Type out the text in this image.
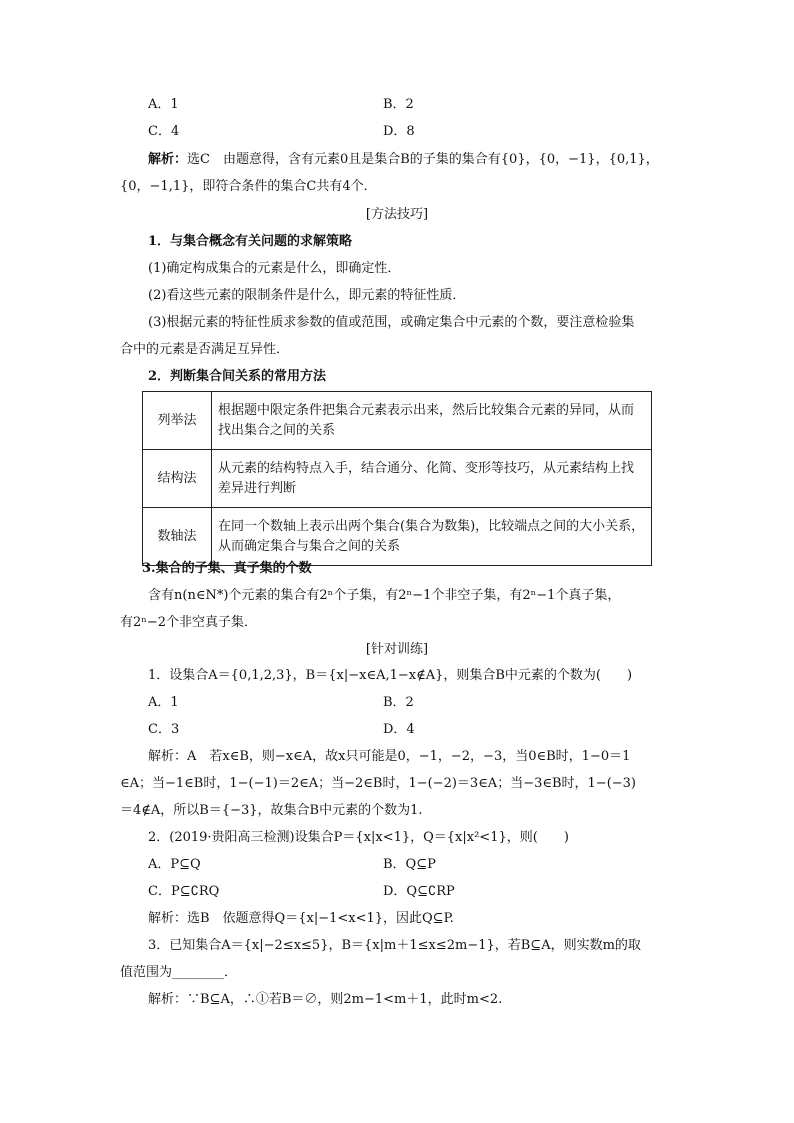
A．1	B．2
C．4	D．8
解析：选C　由题意得，含有元素0且是集合B的子集的集合有{0}，{0，−1}，{0,1}，
{0，−1,1}，即符合条件的集合C共有4个．
[方法技巧]
1．与集合概念有关问题的求解策略
(1)确定构成集合的元素是什么，即确定性．
(2)看这些元素的限制条件是什么，即元素的特征性质．
(3)根据元素的特征性质求参数的值或范围，或确定集合中元素的个数，要注意检验集
合中的元素是否满足互异性．
2．判断集合间关系的常用方法
列举法	根据题中限定条件把集合元素表示出来，然后比较集合元素的异同，从而找出集合之间的关系
结构法	从元素的结构特点入手，结合通分、化简、变形等技巧，从元素结构上找差异进行判断
数轴法	在同一个数轴上表示出两个集合(集合为数集)，比较端点之间的大小关系，从而确定集合与集合之间的关系
3.集合的子集、真子集的个数
含有n(n∈N*)个元素的集合有2ⁿ个子集，有2ⁿ−1个非空子集，有2ⁿ−1个真子集，
有2ⁿ−2个非空真子集．
[针对训练]
1．设集合A＝{0,1,2,3}，B＝{x|−x∈A,1−x∉A}，则集合B中元素的个数为(　　)
A．1	B．2
C．3	D．4
解析：A　若x∈B，则−x∈A，故x只可能是0，−1，−2，−3，当0∈B时，1−0＝1
∈A；当−1∈B时，1−(−1)＝2∈A；当−2∈B时，1−(−2)＝3∈A；当−3∈B时，1−(−3)
＝4∉A，所以B＝{−3}，故集合B中元素的个数为1.
2．(2019·贵阳高三检测)设集合P＝{x|x<1}，Q＝{x|x²<1}，则(　　)
A．P⊆Q	B．Q⊆P
C．P⊆∁RQ	D．Q⊆∁RP
解析：选B　依题意得Q＝{x|−1<x<1}，因此Q⊆P.
3．已知集合A＝{x|−2≤x≤5}，B＝{x|m＋1≤x≤2m−1}，若B⊆A，则实数m的取
值范围为________．
解析：∵B⊆A，∴①若B＝∅，则2m−1<m＋1，此时m<2.
